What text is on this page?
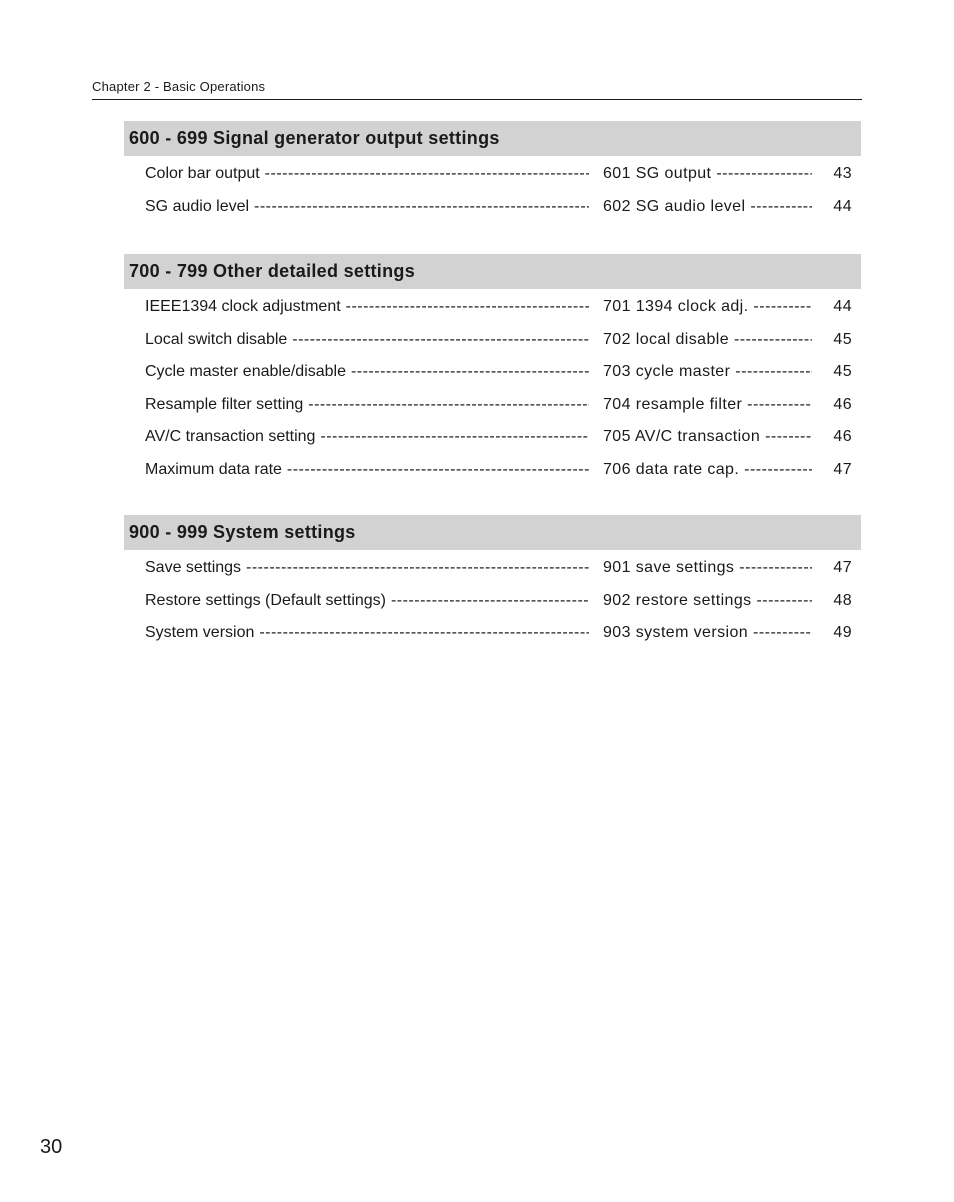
Chapter 2 - Basic Operations
600 - 699 Signal generator output settings
Color bar output -----	601 SG output -----	43
SG audio level -----	602 SG audio level -----	44
700 - 799 Other detailed settings
IEEE1394 clock adjustment -----	701 1394 clock adj. -----	44
Local switch disable -----	702 local disable -----	45
Cycle master enable/disable -----	703 cycle master -----	45
Resample filter setting -----	704 resample filter -----	46
AV/C transaction setting -----	705 AV/C transaction -----	46
Maximum data rate -----	706 data rate cap. -----	47
900 - 999 System settings
Save settings -----	901 save settings -----	47
Restore settings (Default settings) -----	902 restore settings -----	48
System version -----	903 system version -----	49
30
